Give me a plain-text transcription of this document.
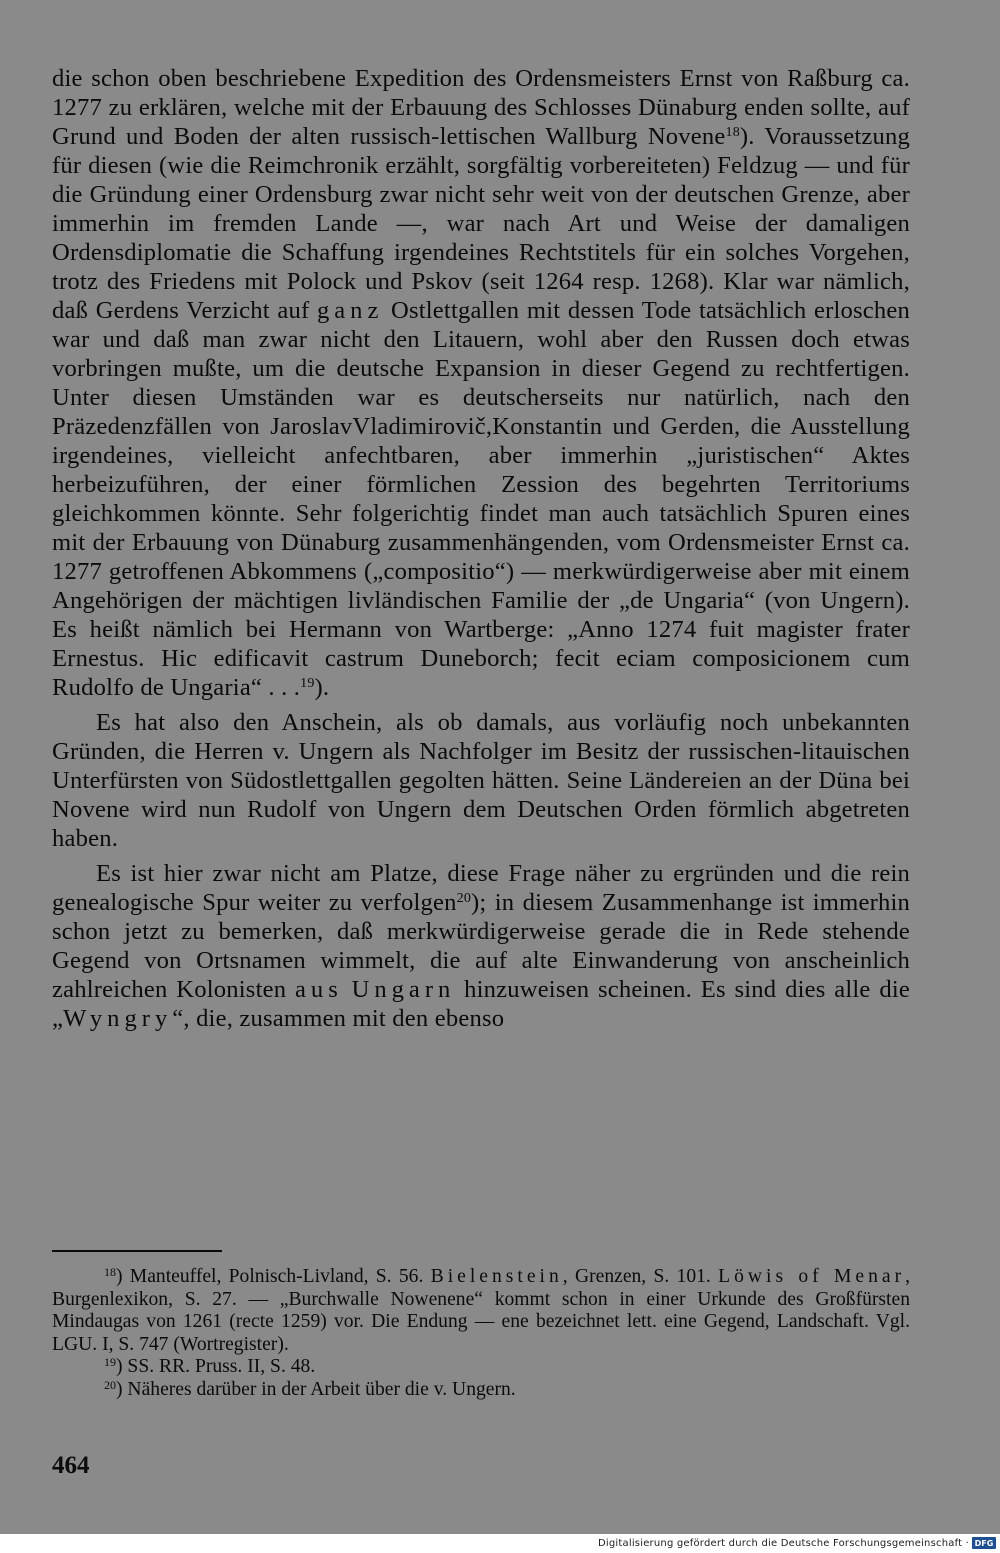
die schon oben beschriebene Expedition des Ordensmeisters Ernst von Raßburg ca. 1277 zu erklären, welche mit der Erbauung des Schlosses Dünaburg enden sollte, auf Grund und Boden der alten russisch-lettischen Wallburg Novene$^{18}$). Voraussetzung für diesen (wie die Reimchronik erzählt, sorgfältig vorbereiteten) Feldzug — und für die Gründung einer Ordensburg zwar nicht sehr weit von der deutschen Grenze, aber immerhin im fremden Lande —, war nach Art und Weise der damaligen Ordensdiplomatie die Schaffung irgendeines Rechtstitels für ein solches Vorgehen, trotz des Friedens mit Polock und Pskov (seit 1264 resp. 1268). Klar war nämlich, daß Gerdens Verzicht auf ganz Ostlettgallen mit dessen Tode tatsächlich erloschen war und daß man zwar nicht den Litauern, wohl aber den Russen doch etwas vorbringen mußte, um die deutsche Expansion in dieser Gegend zu rechtfertigen. Unter diesen Umständen war es deutscherseits nur natürlich, nach den Präzedenzfällen von JaroslavVladimirovič,Konstantin und Gerden, die Ausstellung irgendeines, vielleicht anfechtbaren, aber immerhin „juristischen“ Aktes herbeizuführen, der einer förmlichen Zession des begehrten Territoriums gleichkommen könnte. Sehr folgerichtig findet man auch tatsächlich Spuren eines mit der Erbauung von Dünaburg zusammenhängenden, vom Ordensmeister Ernst ca. 1277 getroffenen Abkommens („compositio“) — merkwürdigerweise aber mit einem Angehörigen der mächtigen livländischen Familie der „de Ungaria“ (von Ungern). Es heißt nämlich bei Hermann von Wartberge: „Anno 1274 fuit magister frater Ernestus. Hic edificavit castrum Duneborch; fecit eciam composicionem cum Rudolfo de Ungaria“ . . .$^{19}$).

Es hat also den Anschein, als ob damals, aus vorläufig noch unbekannten Gründen, die Herren v. Ungern als Nachfolger im Besitz der russischen-litauischen Unterfürsten von Südostlettgallen gegolten hätten. Seine Ländereien an der Düna bei Novene wird nun Rudolf von Ungern dem Deutschen Orden förmlich abgetreten haben.

Es ist hier zwar nicht am Platze, diese Frage näher zu ergründen und die rein genealogische Spur weiter zu verfolgen$^{20}$); in diesem Zusammenhange ist immerhin schon jetzt zu bemerken, daß merkwürdigerweise gerade die in Rede stehende Gegend von Ortsnamen wimmelt, die auf alte Einwanderung von anscheinlich zahlreichen Kolonisten aus Ungarn hinzuweisen scheinen. Es sind dies alle die „Wyngry“, die, zusammen mit den ebenso

$^{18}$) Manteuffel, Polnisch-Livland, S. 56. Bielenstein, Grenzen, S. 101. Löwis of Menar, Burgenlexikon, S. 27. — „Burchwalle Nowenene“ kommt schon in einer Urkunde des Großfürsten Mindaugas von 1261 (recte 1259) vor. Die Endung — ene bezeichnet lett. eine Gegend, Landschaft. Vgl. LGU. I, S. 747 (Wortregister).

$^{19}$) SS. RR. Pruss. II, S. 48.

$^{20}$) Näheres darüber in der Arbeit über die v. Ungern.

464
Digitalisierung gefördert durch die Deutsche Forschungsgemeinschaft · DFG
